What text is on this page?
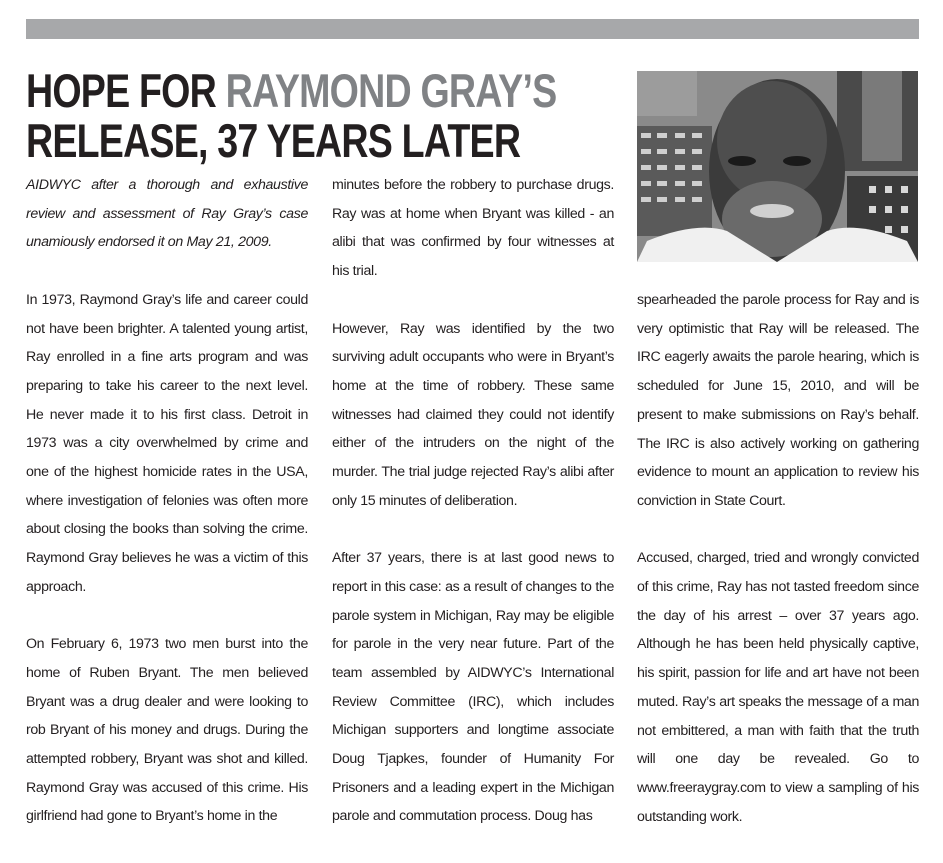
HOPE FOR RAYMOND GRAY’S
RELEASE, 37 YEARS LATER

AIDWYC after a thorough and exhaustive review and assessment of Ray Gray’s case unamiously endorsed it on May 21, 2009.

In 1973, Raymond Gray’s life and career could not have been brighter. A talented young artist, Ray enrolled in a fine arts program and was preparing to take his career to the next level. He never made it to his first class. Detroit in 1973 was a city overwhelmed by crime and one of the highest homicide rates in the USA, where investigation of felonies was often more about closing the books than solving the crime. Raymond Gray believes he was a victim of this approach.

On February 6, 1973 two men burst into the home of Ruben Bryant. The men believed Bryant was a drug dealer and were looking to rob Bryant of his money and drugs. During the attempted robbery, Bryant was shot and killed. Raymond Gray was accused of this crime. His girlfriend had gone to Bryant’s home in the

minutes before the robbery to purchase drugs. Ray was at home when Bryant was killed - an alibi that was confirmed by four witnesses at his trial.

However, Ray was identified by the two surviving adult occupants who were in Bryant’s home at the time of robbery. These same witnesses had claimed they could not identify either of the intruders on the night of the murder. The trial judge rejected Ray’s alibi after only 15 minutes of deliberation.

After 37 years, there is at last good news to report in this case: as a result of changes to the parole system in Michigan, Ray may be eligible for parole in the very near future. Part of the team assembled by AIDWYC’s International Review Committee (IRC), which includes Michigan supporters and longtime associate Doug Tjapkes, founder of Humanity For Prisoners and a leading expert in the Michigan parole and commutation process. Doug has

spearheaded the parole process for Ray and is very optimistic that Ray will be released. The IRC eagerly awaits the parole hearing, which is scheduled for June 15, 2010, and will be present to make submissions on Ray’s behalf. The IRC is also actively working on gathering evidence to mount an application to review his conviction in State Court.

Accused, charged, tried and wrongly convicted of this crime, Ray has not tasted freedom since the day of his arrest – over 37 years ago. Although he has been held physically captive, his spirit, passion for life and art have not been muted. Ray’s art speaks the message of a man not embittered, a man with faith that the truth will one day be revealed. Go to www.freeraygray.com to view a sampling of his outstanding work.
